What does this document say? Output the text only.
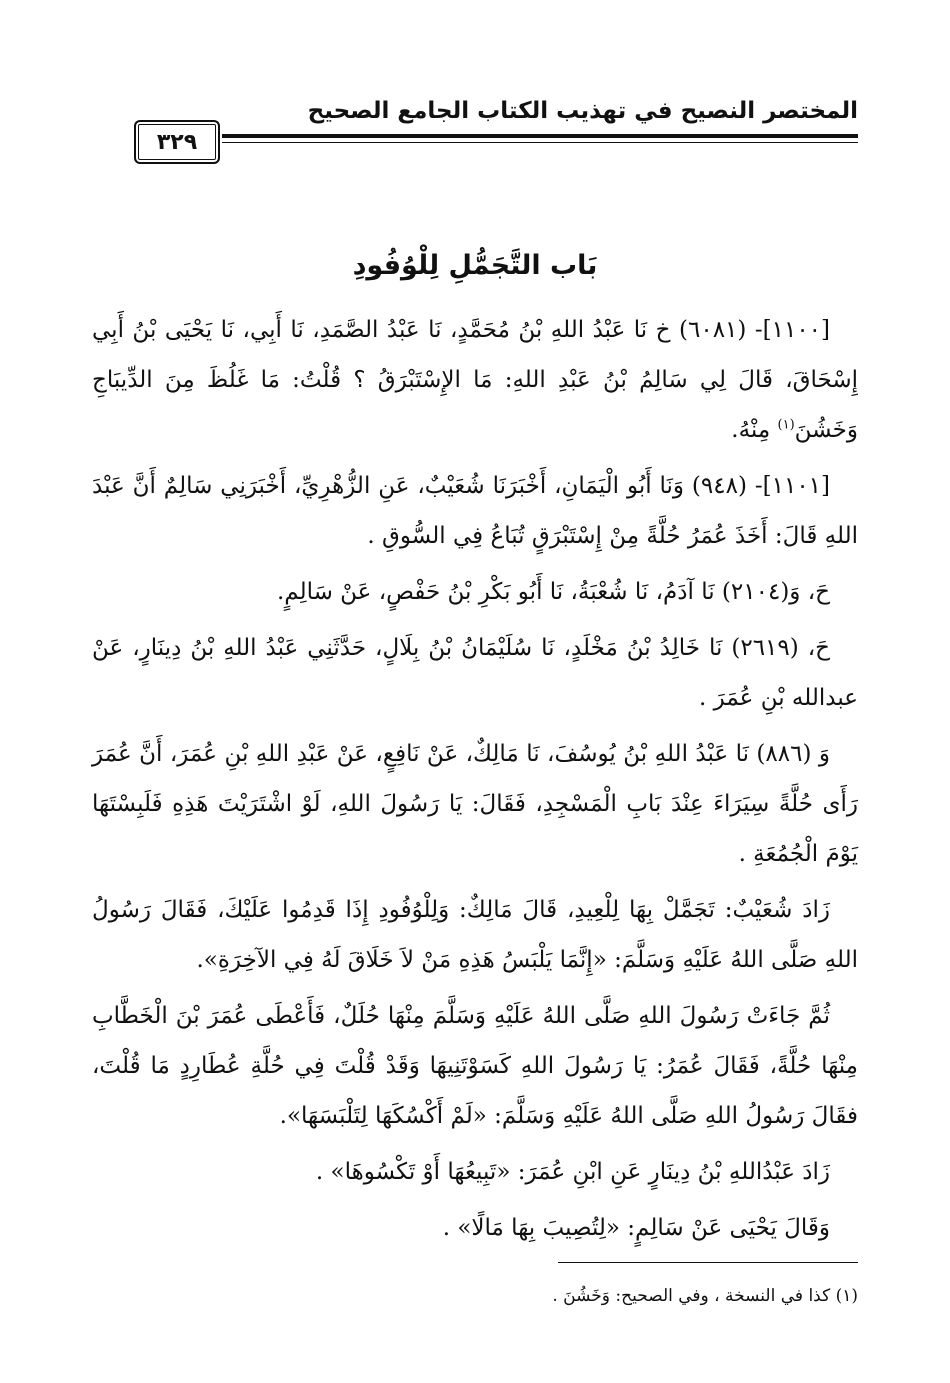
المختصر النصيح في تهذيب الكتاب الجامع الصحيح
٣٢٩
بَاب التَّجَمُّلِ لِلْوُفُودِ

[١١٠٠]- (٦٠٨١) خ نَا عَبْدُ اللهِ بْنُ مُحَمَّدٍ، نَا عَبْدُ الصَّمَدِ، نَا أَبِي، نَا يَحْيَى بْنُ أَبِي إِسْحَاقَ، قَالَ لِي سَالِمُ بْنُ عَبْدِ اللهِ: مَا الإِسْتَبْرَقُ ؟ قُلْتُ: مَا غَلُظَ مِنَ الدِّيبَاجِ وَخَشُنَ$^{(١)}$ مِنْهُ.

[١١٠١]- (٩٤٨) وَنَا أَبُو الْيَمَانِ، أَخْبَرَنَا شُعَيْبٌ، عَنِ الزُّهْرِيِّ، أَخْبَرَنِي سَالِمٌ أَنَّ عَبْدَ اللهِ قَالَ: أَخَذَ عُمَرُ حُلَّةً مِنْ إِسْتَبْرَقٍ تُبَاعُ فِي السُّوقِ .

حَ، وَ(٢١٠٤) نَا آدَمُ، نَا شُعْبَةُ، نَا أَبُو بَكْرِ بْنُ حَفْصٍ، عَنْ سَالِمٍ.

حَ، (٢٦١٩) نَا خَالِدُ بْنُ مَخْلَدٍ، نَا سُلَيْمَانُ بْنُ بِلَالٍ، حَدَّثَنِي عَبْدُ اللهِ بْنُ دِينَارٍ، عَنْ عبدالله بْنِ عُمَرَ .

وَ (٨٨٦) نَا عَبْدُ اللهِ بْنُ يُوسُفَ، نَا مَالِكٌ، عَنْ نَافِعٍ، عَنْ عَبْدِ اللهِ بْنِ عُمَرَ، أَنَّ عُمَرَ رَأَى حُلَّةً سِيَرَاءَ عِنْدَ بَابِ الْمَسْجِدِ، فَقَالَ: يَا رَسُولَ اللهِ، لَوْ اشْتَرَيْتَ هَذِهِ فَلَبِسْتَهَا يَوْمَ الْجُمُعَةِ .

زَادَ شُعَيْبٌ: تَجَمَّلْ بِهَا لِلْعِيدِ، قَالَ مَالِكٌ: وَلِلْوُفُودِ إِذَا قَدِمُوا عَلَيْكَ، فَقَالَ رَسُولُ اللهِ صَلَّى اللهُ عَلَيْهِ وَسَلَّمَ: «إِنَّمَا يَلْبَسُ هَذِهِ مَنْ لاَ خَلَاقَ لَهُ فِي الآخِرَةِ».

ثُمَّ جَاءَتْ رَسُولَ اللهِ صَلَّى اللهُ عَلَيْهِ وَسَلَّمَ مِنْهَا حُلَلٌ، فَأَعْطَى عُمَرَ بْنَ الْخَطَّابِ مِنْهَا حُلَّةً، فَقَالَ عُمَرُ: يَا رَسُولَ اللهِ كَسَوْتَنِيهَا وَقَدْ قُلْتَ فِي حُلَّةِ عُطَارِدٍ مَا قُلْتَ، فقَالَ رَسُولُ اللهِ صَلَّى اللهُ عَلَيْهِ وَسَلَّمَ: «لَمْ أَكْسُكَهَا لِتَلْبَسَهَا».

زَادَ عَبْدُاللهِ بْنُ دِينَارٍ عَنِ ابْنِ عُمَرَ: «تَبِيعُهَا أَوْ تَكْسُوهَا» .

وَقَالَ يَحْيَى عَنْ سَالِمٍ: «لِتُصِيبَ بِهَا مَالًا» .

(١) كذا في النسخة ، وفي الصحيح: وَخَشُنَ .
